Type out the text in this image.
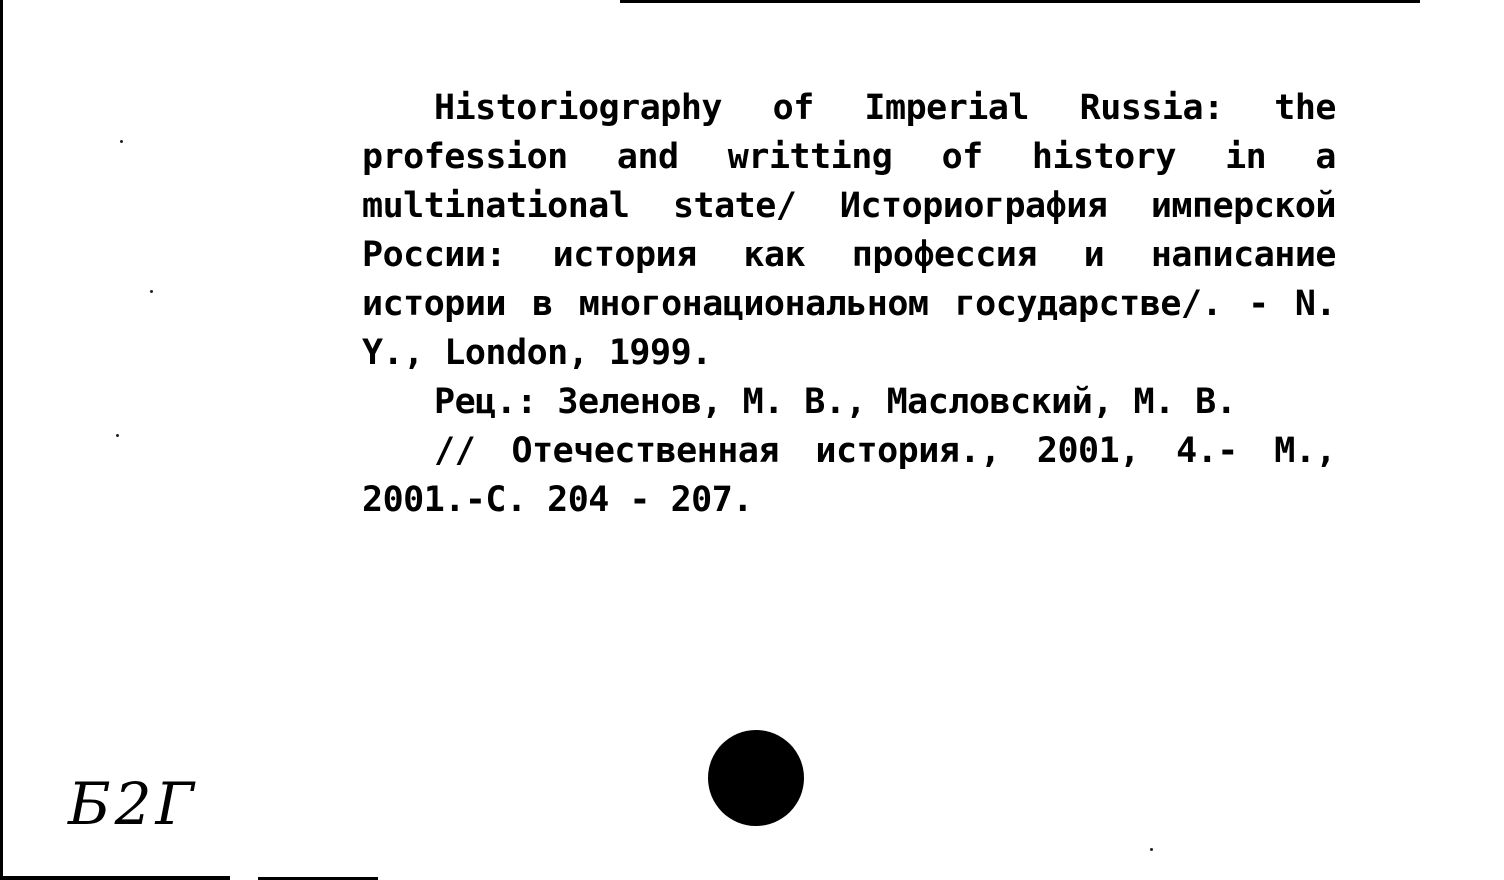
Historiography of Imperial Russia: the profession and writting of history in a multinational state/ Историография имперской России: история как профессия и написание истории в многонациональном государстве/. - N. Y., London, 1999.

Рец.: Зеленов, М. В., Масловский, М. В.

// Отечественная история., 2001, 4.- М., 2001.-С. 204 - 207.

Б2Г
